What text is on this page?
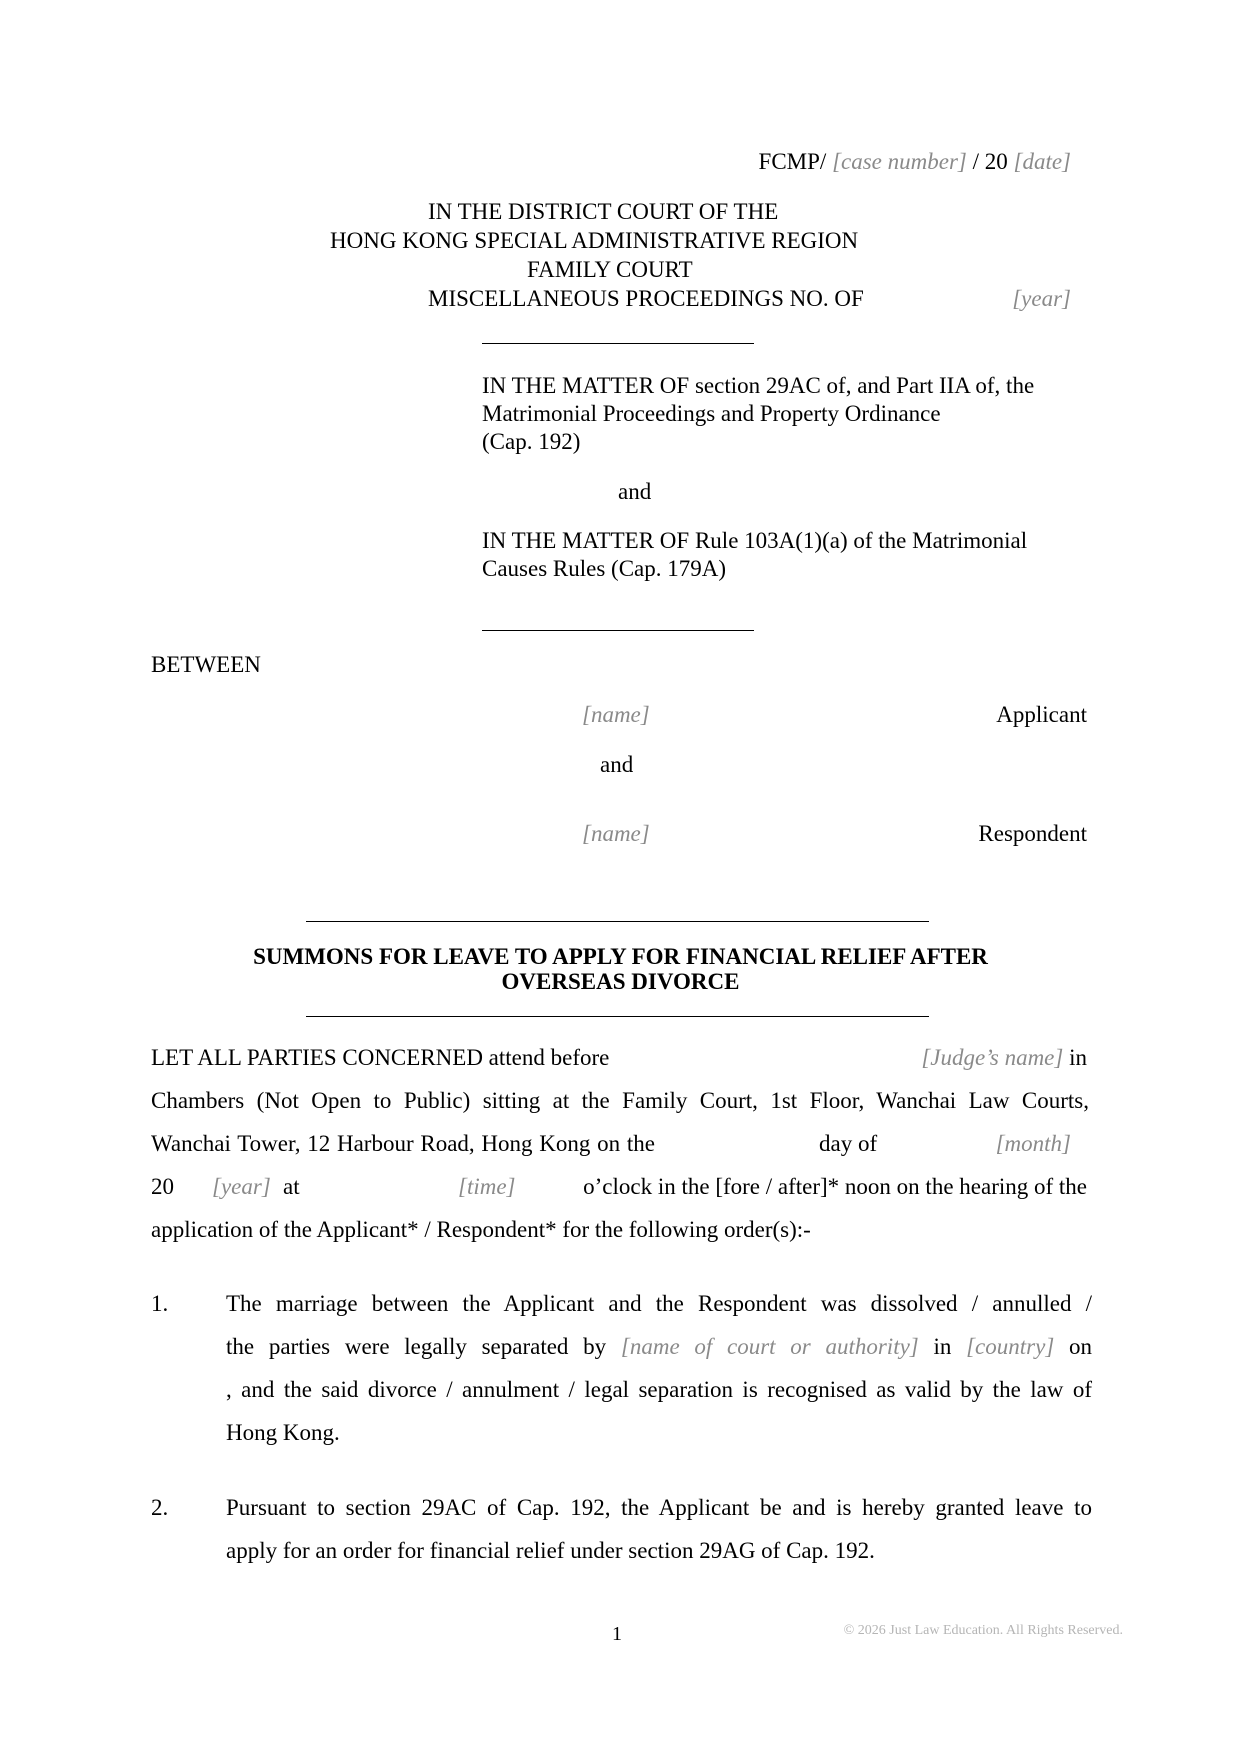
FCMP/ [case number] / 20 [date]
IN THE DISTRICT COURT OF THE
HONG KONG SPECIAL ADMINISTRATIVE REGION
FAMILY COURT
MISCELLANEOUS PROCEEDINGS NO. OF	[year]
IN THE MATTER OF section 29AC of, and Part IIA of, the
Matrimonial Proceedings and Property Ordinance
(Cap. 192)
and
IN THE MATTER OF Rule 103A(1)(a) of the Matrimonial
Causes Rules (Cap. 179A)
BETWEEN
[name]	Applicant
and
[name]	Respondent
SUMMONS FOR LEAVE TO APPLY FOR FINANCIAL RELIEF AFTER
OVERSEAS DIVORCE
LET ALL PARTIES CONCERNED attend before	[Judge’s name] in
Chambers (Not Open to Public) sitting at the Family Court, 1st Floor, Wanchai Law Courts,
Wanchai Tower, 12 Harbour Road, Hong Kong on the	day of	[month]
20 [year] at	[time]	o’clock in the [fore / after]* noon on the hearing of the
application of the Applicant* / Respondent* for the following order(s):-
1.	The marriage between the Applicant and the Respondent was dissolved / annulled /
the parties were legally separated by [name of court or authority] in [country] on
, and the said divorce / annulment / legal separation is recognised as valid by the law of
Hong Kong.
2.	Pursuant to section 29AC of Cap. 192, the Applicant be and is hereby granted leave to
apply for an order for financial relief under section 29AG of Cap. 192.
1	© 2026 Just Law Education. All Rights Reserved.
